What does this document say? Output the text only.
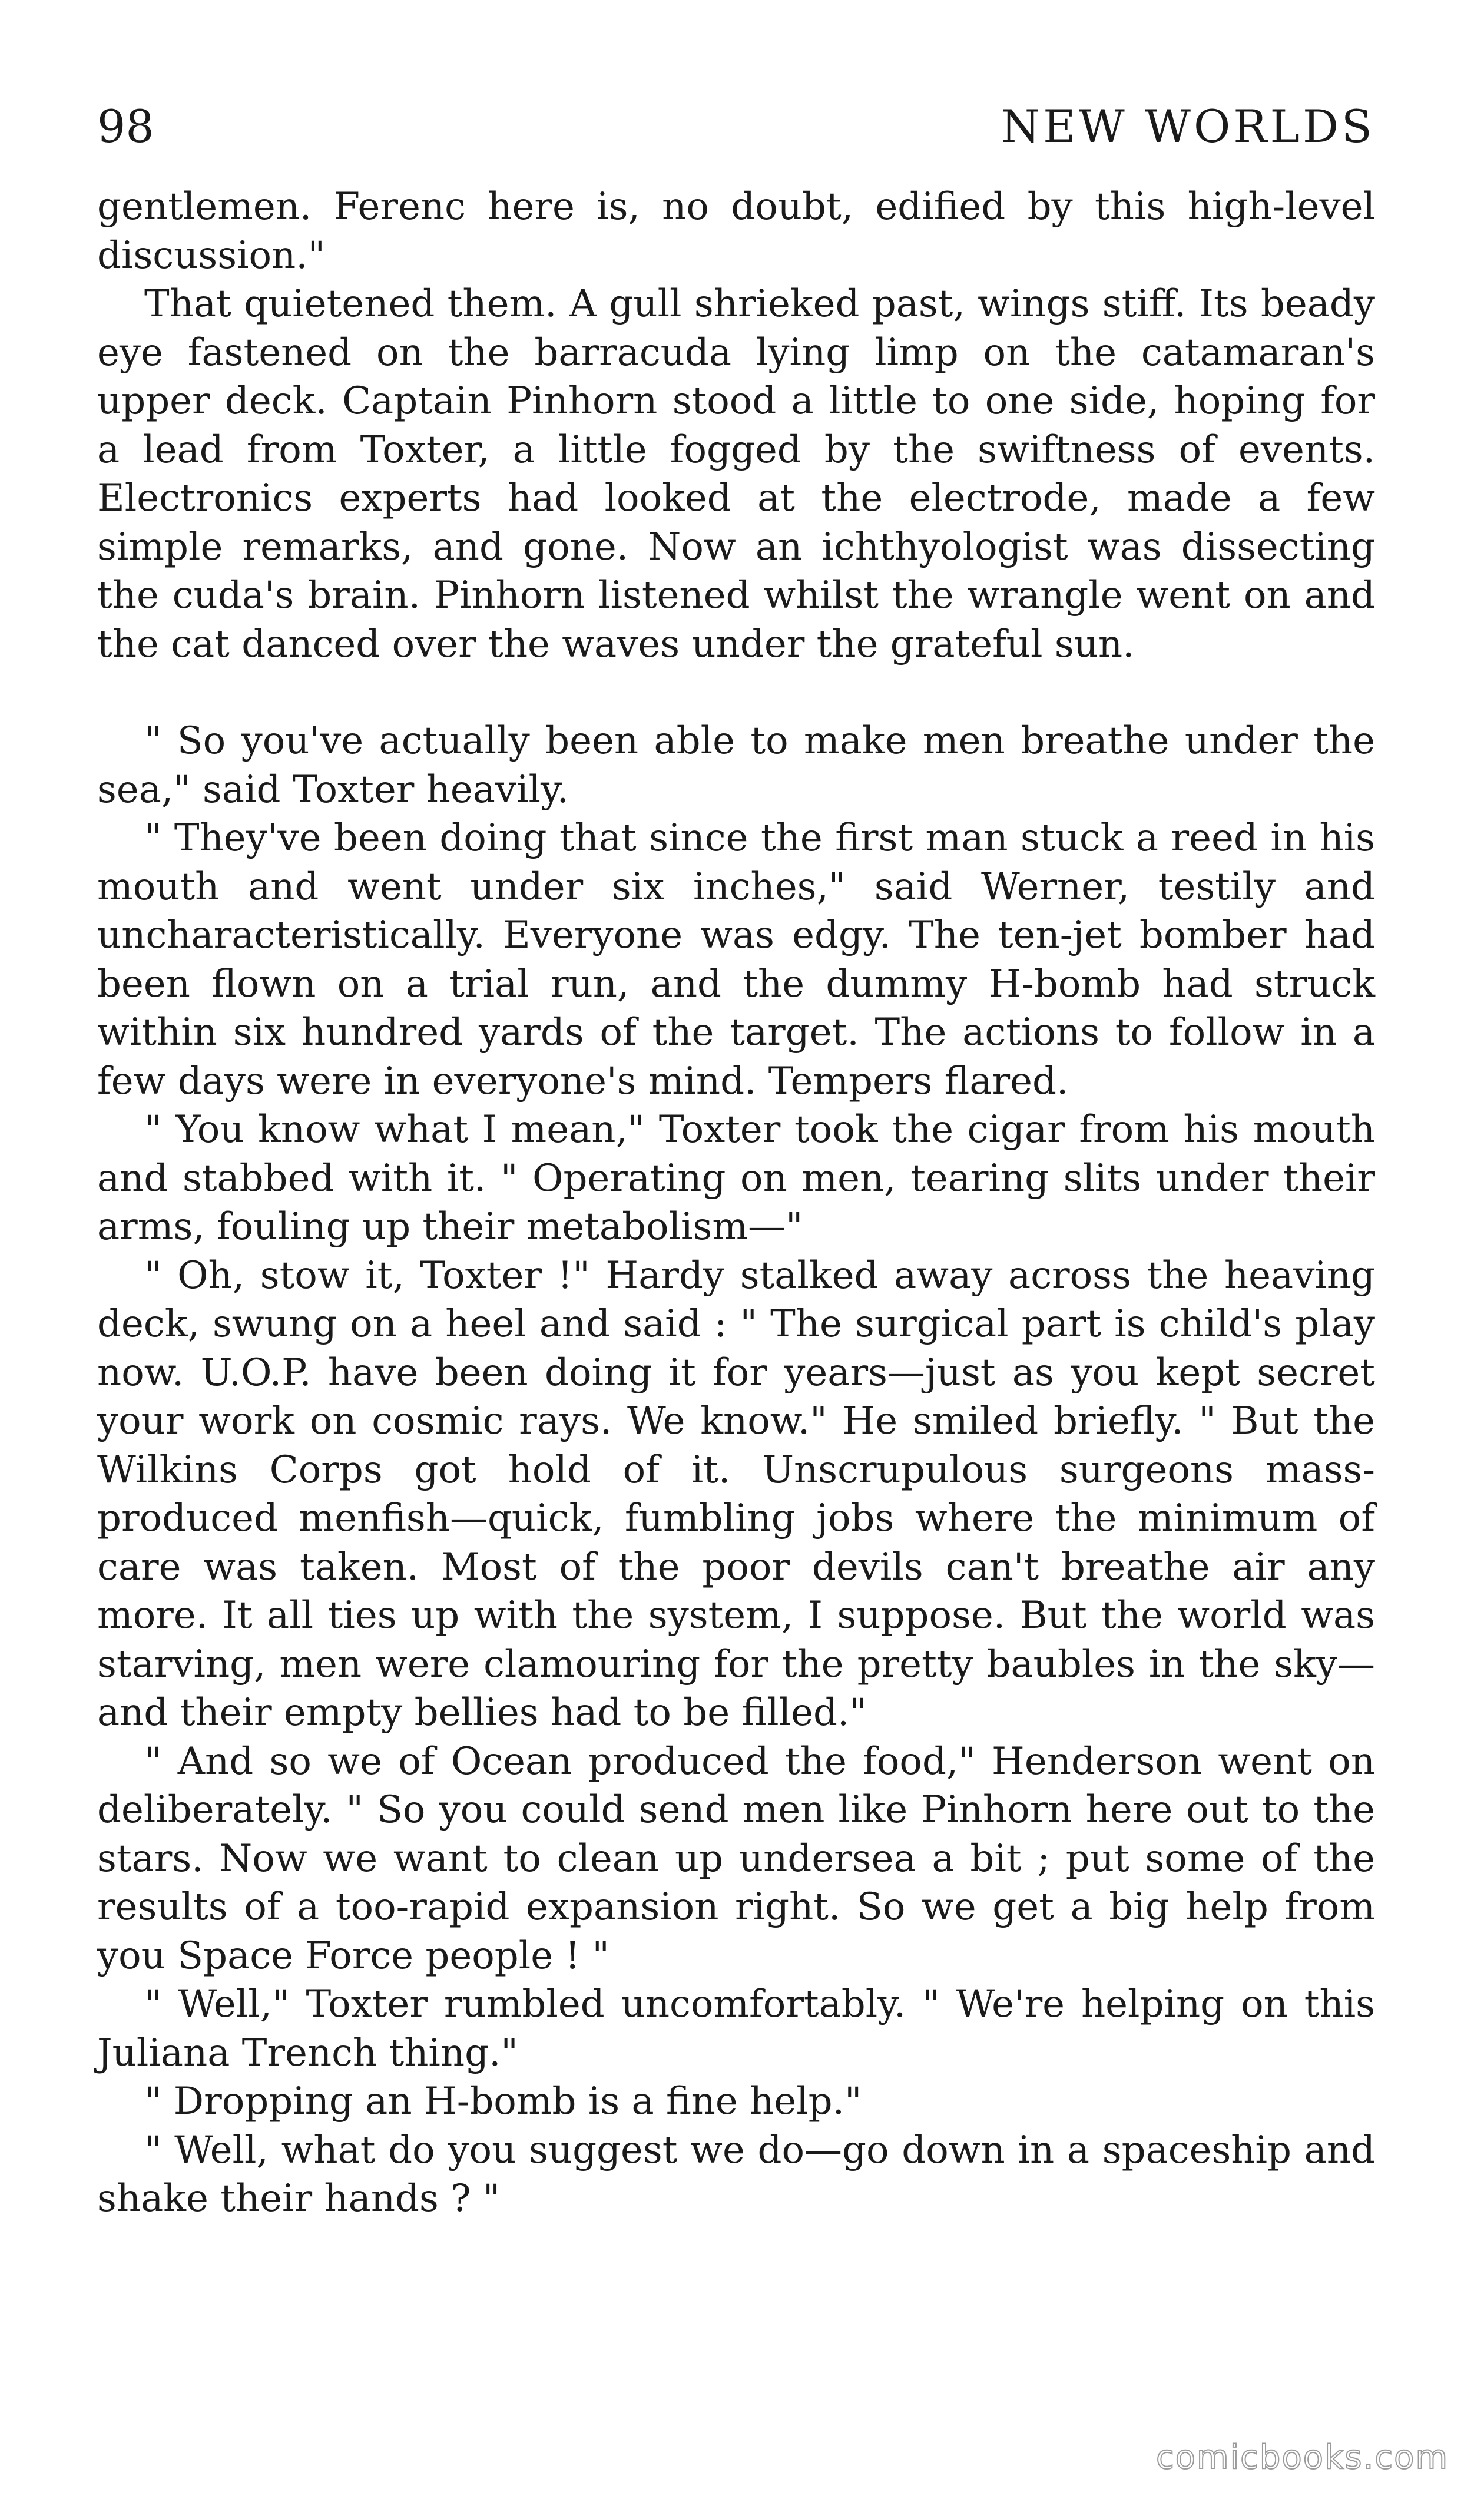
98	NEW WORLDS

gentlemen. Ferenc here is, no doubt, edified by this high-level discussion."

That quietened them. A gull shrieked past, wings stiff. Its beady eye fastened on the barracuda lying limp on the catamaran's upper deck. Captain Pinhorn stood a little to one side, hoping for a lead from Toxter, a little fogged by the swiftness of events. Electronics experts had looked at the electrode, made a few simple remarks, and gone. Now an ichthyologist was dissecting the cuda's brain. Pinhorn listened whilst the wrangle went on and the cat danced over the waves under the grateful sun.

" So you've actually been able to make men breathe under the sea," said Toxter heavily.

" They've been doing that since the first man stuck a reed in his mouth and went under six inches," said Werner, testily and uncharacteristically. Everyone was edgy. The ten-jet bomber had been flown on a trial run, and the dummy H-bomb had struck within six hundred yards of the target. The actions to follow in a few days were in everyone's mind. Tempers flared.

" You know what I mean," Toxter took the cigar from his mouth and stabbed with it. " Operating on men, tearing slits under their arms, fouling up their metabolism—"

" Oh, stow it, Toxter !" Hardy stalked away across the heaving deck, swung on a heel and said : " The surgical part is child's play now. U.O.P. have been doing it for years—just as you kept secret your work on cosmic rays. We know." He smiled briefly. " But the Wilkins Corps got hold of it. Unscrupulous surgeons mass-produced menfish—quick, fumbling jobs where the minimum of care was taken. Most of the poor devils can't breathe air any more. It all ties up with the system, I suppose. But the world was starving, men were clamouring for the pretty baubles in the sky—and their empty bellies had to be filled."

" And so we of Ocean produced the food," Henderson went on deliberately. " So you could send men like Pinhorn here out to the stars. Now we want to clean up undersea a bit ; put some of the results of a too-rapid expansion right. So we get a big help from you Space Force people ! "

" Well," Toxter rumbled uncomfortably. " We're helping on this Juliana Trench thing."

" Dropping an H-bomb is a fine help."

" Well, what do you suggest we do—go down in a spaceship and shake their hands ? "

comicbooks.com
